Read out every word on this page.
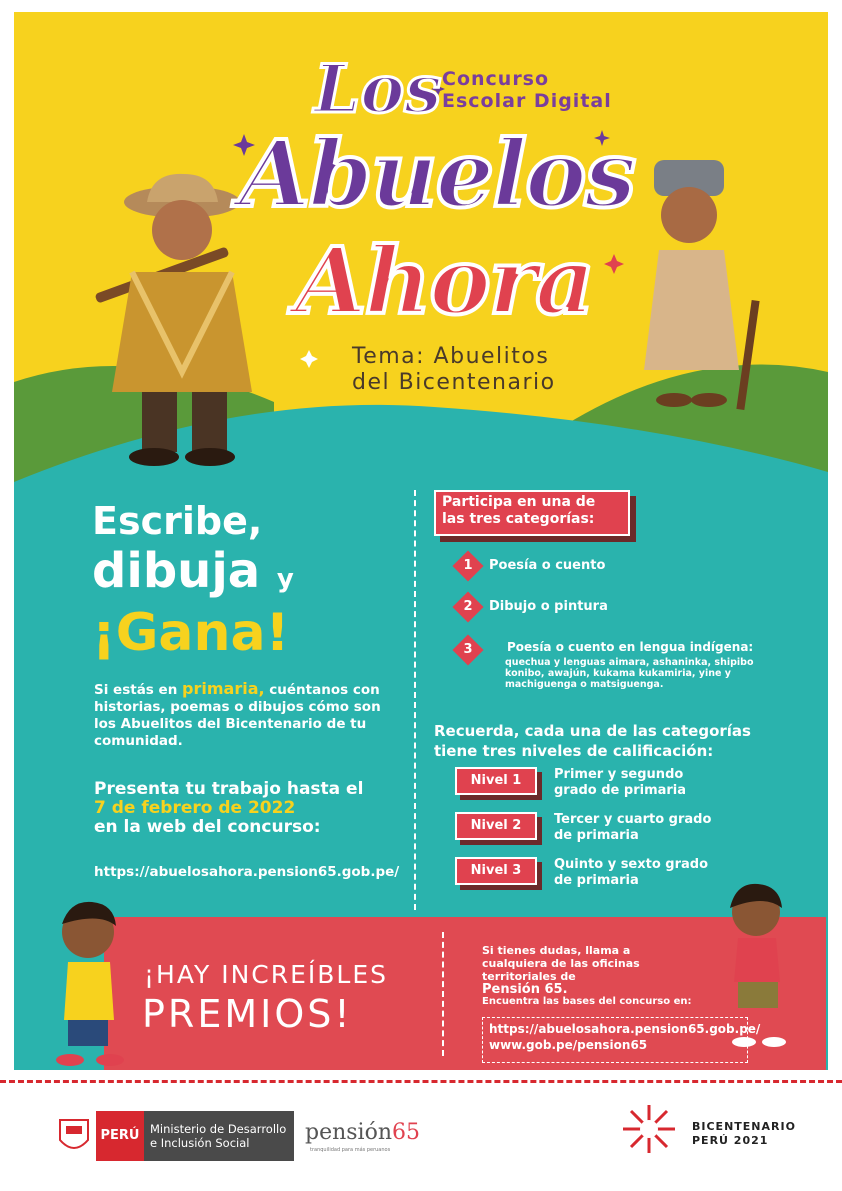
Concurso
Escolar Digital
Los
Abuelos
Ahora
Tema: Abuelitos
del Bicentenario
Escribe,
dibuja y
¡Gana!
Si estás en primaria, cuéntanos con historias, poemas o dibujos cómo son los Abuelitos del Bicentenario de tu comunidad.
Presenta tu trabajo hasta el
7 de febrero de 2022
en la web del concurso:
https://abuelosahora.pension65.gob.pe/
Participa en una de las tres categorías:
1	Poesía o cuento
2	Dibujo o pintura
3	Poesía o cuento en lengua indígena:
quechua y lenguas aimara, ashaninka, shipibo konibo, awajún, kukama kukamiria, yine y machiguenga o matsiguenga.
Recuerda, cada una de las categorías tiene tres niveles de calificación:
Nivel 1	Primer y segundo grado de primaria
Nivel 2	Tercer y cuarto grado de primaria
Nivel 3	Quinto y sexto grado de primaria
¡HAY INCREÍBLES
PREMIOS!
Si tienes dudas, llama a cualquiera de las oficinas territoriales de
Pensión 65.
Encuentra las bases del concurso en:
https://abuelosahora.pension65.gob.pe/
www.gob.pe/pension65
PERÚ Ministerio de Desarrollo
e Inclusión Social	pensión65
tranquilidad para más peruanos
BICENTENARIO
PERÚ 2021
